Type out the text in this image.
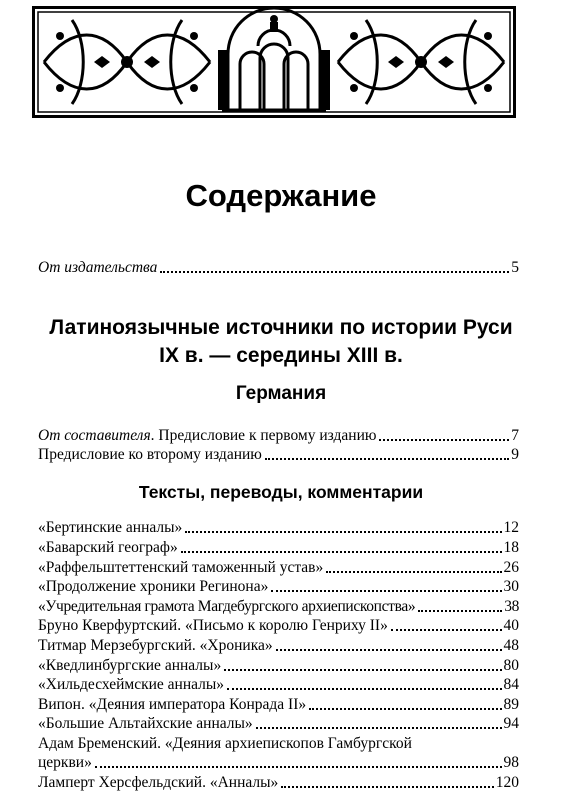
Содержание
От издательства	5
Латиноязычные источники по истории Руси
IX в. — середины XIII в.
Германия
От составителя. Предисловие к первому изданию	7
Предисловие ко второму изданию	9
Тексты, переводы, комментарии
«Бертинские анналы»	12
«Баварский географ»	18
«Раффельштеттенский таможенный устав»	26
«Продолжение хроники Регинона»	30
«Учредительная грамота Магдебургского архиепископства»	38
Бруно Кверфуртский. «Письмо к королю Генриху II»	40
Титмар Мерзебургский. «Хроника»	48
«Кведлинбургские анналы»	80
«Хильдесхеймские анналы»	84
Випон. «Деяния императора Конрада II»	89
«Большие Альтайхские анналы»	94
Адам Бременский. «Деяния архиепископов Гамбургской
церкви»	98
Ламперт Херсфельдский. «Анналы»	120
